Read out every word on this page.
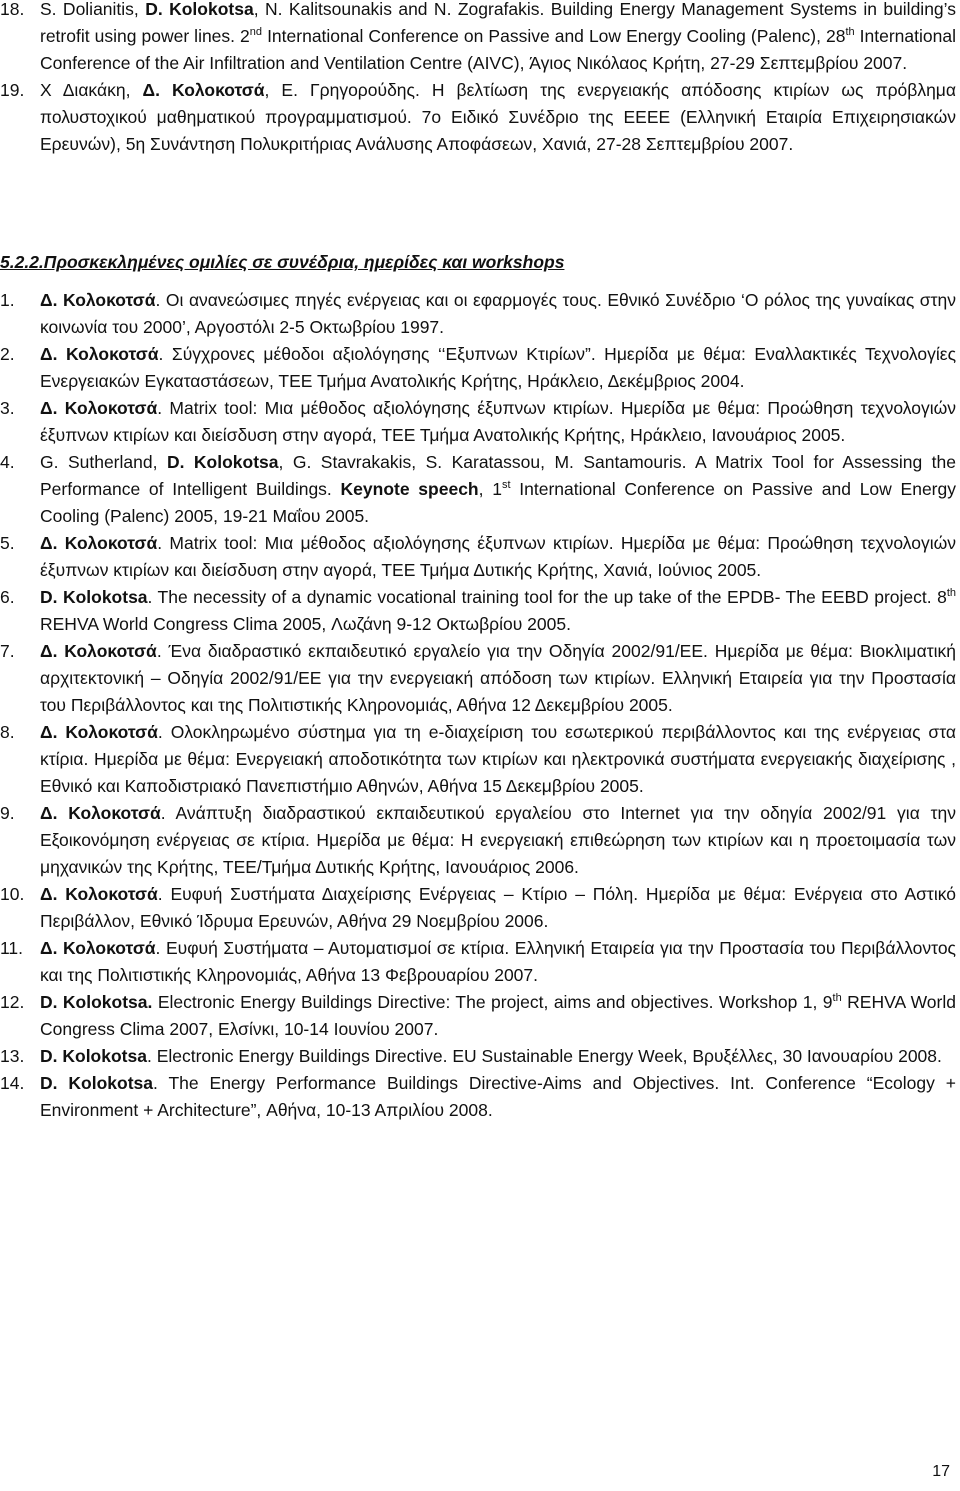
18. S. Dolianitis, D. Kolokotsa, N. Kalitsounakis and N. Zografakis. Building Energy Management Systems in building’s retrofit using power lines. 2nd International Conference on Passive and Low Energy Cooling (Palenc), 28th International Conference of the Air Infiltration and Ventilation Centre (AIVC), Άγιος Νικόλαος Κρήτη, 27-29 Σεπτεμβρίου 2007.
19. Χ Διακάκη, Δ. Κολοκοτσά, Ε. Γρηγορούδης. Η βελτίωση της ενεργειακής απόδοσης κτιρίων ως πρόβλημα πολυστοχικού μαθηματικού προγραμματισμού. 7ο Ειδικό Συνέδριο της ΕΕΕΕ (Ελληνική Εταιρία Επιχειρησιακών Ερευνών), 5η Συνάντηση Πολυκριτήριας Ανάλυσης Αποφάσεων, Χανιά, 27-28 Σεπτεμβρίου 2007.
5.2.2.Προσκεκλημένες ομιλίες σε συνέδρια, ημερίδες και workshops
1.	Δ. Κολοκοτσά. Οι ανανεώσιμες πηγές ενέργειας και οι εφαρμογές τους. Εθνικό Συνέδριο ‘Ο ρόλος της γυναίκας στην κοινωνία του 2000’, Αργοστόλι 2-5 Οκτωβρίου 1997.
2.	Δ. Κολοκοτσά. Σύγχρονες μέθοδοι αξιολόγησης ‘‘Εξυπνων Κτιρίων”. Ημερίδα με θέμα: Εναλλακτικές Τεχνολογίες Ενεργειακών Εγκαταστάσεων, ΤΕΕ Τμήμα Ανατολικής Κρήτης, Ηράκλειο, Δεκέμβριος 2004.
3.	Δ. Κολοκοτσά. Matrix tool: Μια μέθοδος αξιολόγησης έξυπνων κτιρίων. Ημερίδα με θέμα: Προώθηση τεχνολογιών έξυπνων κτιρίων και διείσδυση στην αγορά, ΤΕΕ Τμήμα Ανατολικής Κρήτης, Ηράκλειο, Ιανουάριος 2005.
4.	G. Sutherland, D. Kolokotsa, G. Stavrakakis, S. Karatassou, M. Santamouris. A Matrix Tool for Assessing the Performance of Intelligent Buildings. Keynote speech, 1st International Conference on Passive and Low Energy Cooling (Palenc) 2005, 19-21 Μαΐου 2005.
5.	Δ. Κολοκοτσά. Matrix tool: Μια μέθοδος αξιολόγησης έξυπνων κτιρίων. Ημερίδα με θέμα: Προώθηση τεχνολογιών έξυπνων κτιρίων και διείσδυση στην αγορά, ΤΕΕ Τμήμα Δυτικής Κρήτης, Χανιά, Ιούνιος 2005.
6.	D. Kolokotsa. The necessity of a dynamic vocational training tool for the up take of the EPDB- The EEBD project. 8th REHVA World Congress Clima 2005, Λωζάνη 9-12 Οκτωβρίου 2005.
7.	Δ. Κολοκοτσά. Ένα διαδραστικό εκπαιδευτικό εργαλείο για την Οδηγία 2002/91/ΕΕ. Ημερίδα με θέμα: Βιοκλιματική αρχιτεκτονική – Οδηγία 2002/91/ΕΕ για την ενεργειακή απόδοση των κτιρίων. Ελληνική Εταιρεία για την Προστασία του Περιβάλλοντος και της Πολιτιστικής Κληρονομιάς, Αθήνα 12 Δεκεμβρίου 2005.
8.	Δ. Κολοκοτσά. Ολοκληρωμένο σύστημα για τη e-διαχείριση του εσωτερικού περιβάλλοντος και της ενέργειας στα κτίρια. Ημερίδα με θέμα: Ενεργειακή αποδοτικότητα των κτιρίων και ηλεκτρονικά συστήματα ενεργειακής διαχείρισης , Εθνικό και Καποδιστριακό Πανεπιστήμιο Αθηνών, Αθήνα 15 Δεκεμβρίου 2005.
9.	Δ. Κολοκοτσά. Ανάπτυξη διαδραστικού εκπαιδευτικού εργαλείου στο Internet για την οδηγία 2002/91 για την Εξοικονόμηση ενέργειας σε κτίρια. Ημερίδα με θέμα: Η ενεργειακή επιθεώρηση των κτιρίων και η προετοιμασία των μηχανικών της Κρήτης, ΤΕΕ/Τμήμα Δυτικής Κρήτης, Ιανουάριος 2006.
10. Δ. Κολοκοτσά. Ευφυή Συστήματα Διαχείρισης Ενέργειας – Κτίριο – Πόλη. Ημερίδα με θέμα: Ενέργεια στο Αστικό Περιβάλλον, Εθνικό Ίδρυμα Ερευνών, Αθήνα 29 Νοεμβρίου 2006.
11. Δ. Κολοκοτσά. Ευφυή Συστήματα – Αυτοματισμοί σε κτίρια. Ελληνική Εταιρεία για την Προστασία του Περιβάλλοντος και της Πολιτιστικής Κληρονομιάς, Αθήνα 13 Φεβρουαρίου 2007.
12. D. Kolokotsa. Electronic Energy Buildings Directive: The project, aims and objectives. Workshop 1, 9th REHVA World Congress Clima 2007, Ελσίνκι, 10-14 Ιουνίου 2007.
13. D. Kolokotsa. Electronic Energy Buildings Directive. EU Sustainable Energy Week, Βρυξέλλες, 30 Ιανουαρίου 2008.
14. D. Kolokotsa. The Energy Performance Buildings Directive-Aims and Objectives. Int. Conference “Ecology + Environment + Architecture”, Αθήνα, 10-13 Απριλίου 2008.
17
